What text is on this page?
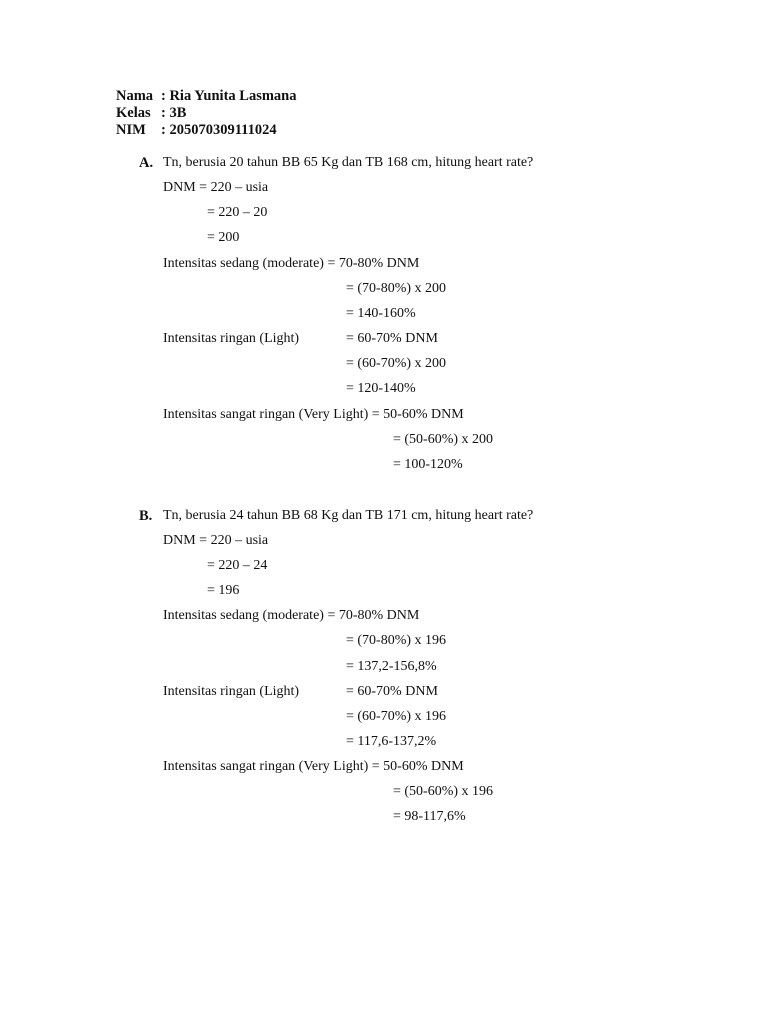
Nama : Ria Yunita Lasmana
Kelas : 3B
NIM : 205070309111024
A. Tn, berusia 20 tahun BB 65 Kg dan TB 168 cm, hitung heart rate?
DNM = 220 – usia
= 220 – 20
= 200
Intensitas sedang (moderate) = 70-80% DNM
= (70-80%) x 200
= 140-160%
Intensitas ringan (Light)	= 60-70% DNM
= (60-70%) x 200
= 120-140%
Intensitas sangat ringan (Very Light) = 50-60% DNM
= (50-60%) x 200
= 100-120%
B. Tn, berusia 24 tahun BB 68 Kg dan TB 171 cm, hitung heart rate?
DNM = 220 – usia
= 220 – 24
= 196
Intensitas sedang (moderate) = 70-80% DNM
= (70-80%) x 196
= 137,2-156,8%
Intensitas ringan (Light)	= 60-70% DNM
= (60-70%) x 196
= 117,6-137,2%
Intensitas sangat ringan (Very Light) = 50-60% DNM
= (50-60%) x 196
= 98-117,6%
